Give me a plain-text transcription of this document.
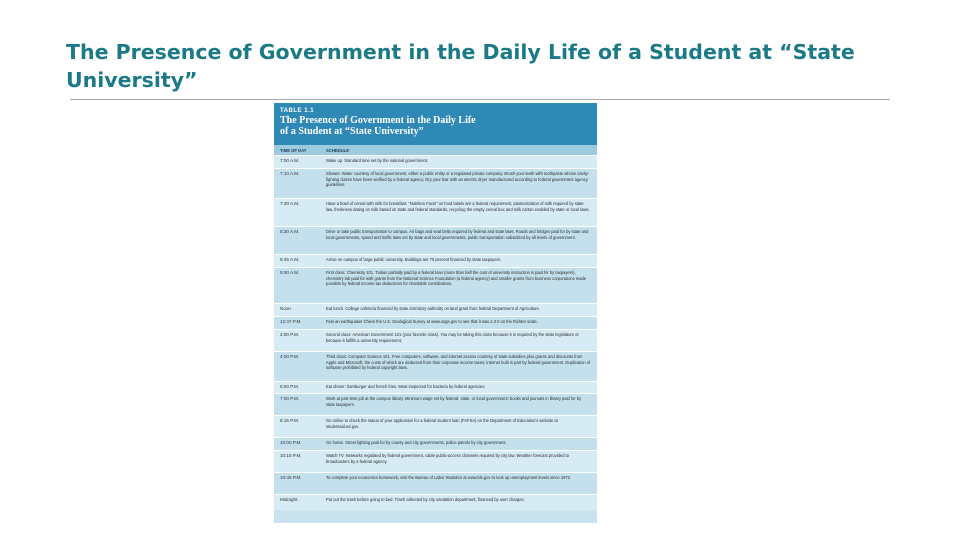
The Presence of Government in the Daily Life of a Student at “State University”
TABLE 1.1
The Presence of Government in the Daily Life
of a Student at “State University”
TIME OF DAY	SCHEDULE
7:00 A.M.	Wake up. Standard time set by the national government.
7:10 A.M.	Shower. Water courtesy of local government, either a public entity or a regulated private company. Brush your teeth with toothpaste whose cavity-fighting claims have been verified by a federal agency. Dry your hair with an electric dryer manufactured according to federal government agency guidelines.
7:30 A.M.	Have a bowl of cereal with milk for breakfast. “Nutrition Facts” on food labels are a federal requirement, pasteurization of milk required by state law, freshness dating on milk based on state and federal standards, recycling the empty cereal box and milk carton enabled by state or local laws.
8:30 A.M.	Drive or take public transportation to campus. Air bags and seat belts required by federal and state laws. Roads and bridges paid for by state and local governments, speed and traffic laws set by state and local governments, public transportation subsidized by all levels of government.
8:45 A.M.	Arrive on campus of large public university. Buildings are 70 percent financed by state taxpayers.
9:00 A.M.	First class: Chemistry 101. Tuition partially paid by a federal loan (more than half the cost of university instruction is paid for by taxpayers), chemistry lab paid for with grants from the National Science Foundation (a federal agency) and smaller grants from business corporations made possible by federal income tax deductions for charitable contributions.
Noon	Eat lunch. College cafeteria financed by state dormitory authority on land grant from federal Department of Agriculture.
12:47 P.M.	Feel an earthquake! Check the U.S. Geological Survey at www.usgs.gov to see that it was a 3.0 on the Richter scale.
2:00 P.M.	Second class: American Government 101 (your favorite class). You may be taking this class because it is required by the state legislature or because it fulfills a university requirement.
4:00 P.M.	Third class: Computer Science 101. Free computers, software, and internet access courtesy of state subsidies plus grants and discounts from Apple and Microsoft, the costs of which are deducted from their corporate income taxes; internet built in part by federal government. Duplication of software prohibited by federal copyright laws.
6:00 P.M.	Eat dinner: hamburger and french fries. Meat inspected for bacteria by federal agencies.
7:00 P.M.	Work at part-time job at the campus library. Minimum wage set by federal, state, or local government; books and journals in library paid for by state taxpayers.
8:15 P.M.	Go online to check the status of your application for a federal student loan (FAFSA) on the Department of Education’s website at studentaid.ed.gov.
10:00 P.M.	Go home. Street lighting paid for by county and city governments, police patrols by city government.
10:15 P.M.	Watch TV. Networks regulated by federal government, cable public-access channels required by city law. Weather forecast provided to broadcasters by a federal agency.
10:45 P.M.	To complete your economics homework, visit the Bureau of Labor Statistics at www.bls.gov to look up unemployment levels since 1972.
Midnight	Put out the trash before going to bed. Trash collected by city sanitation department, financed by user charges.
